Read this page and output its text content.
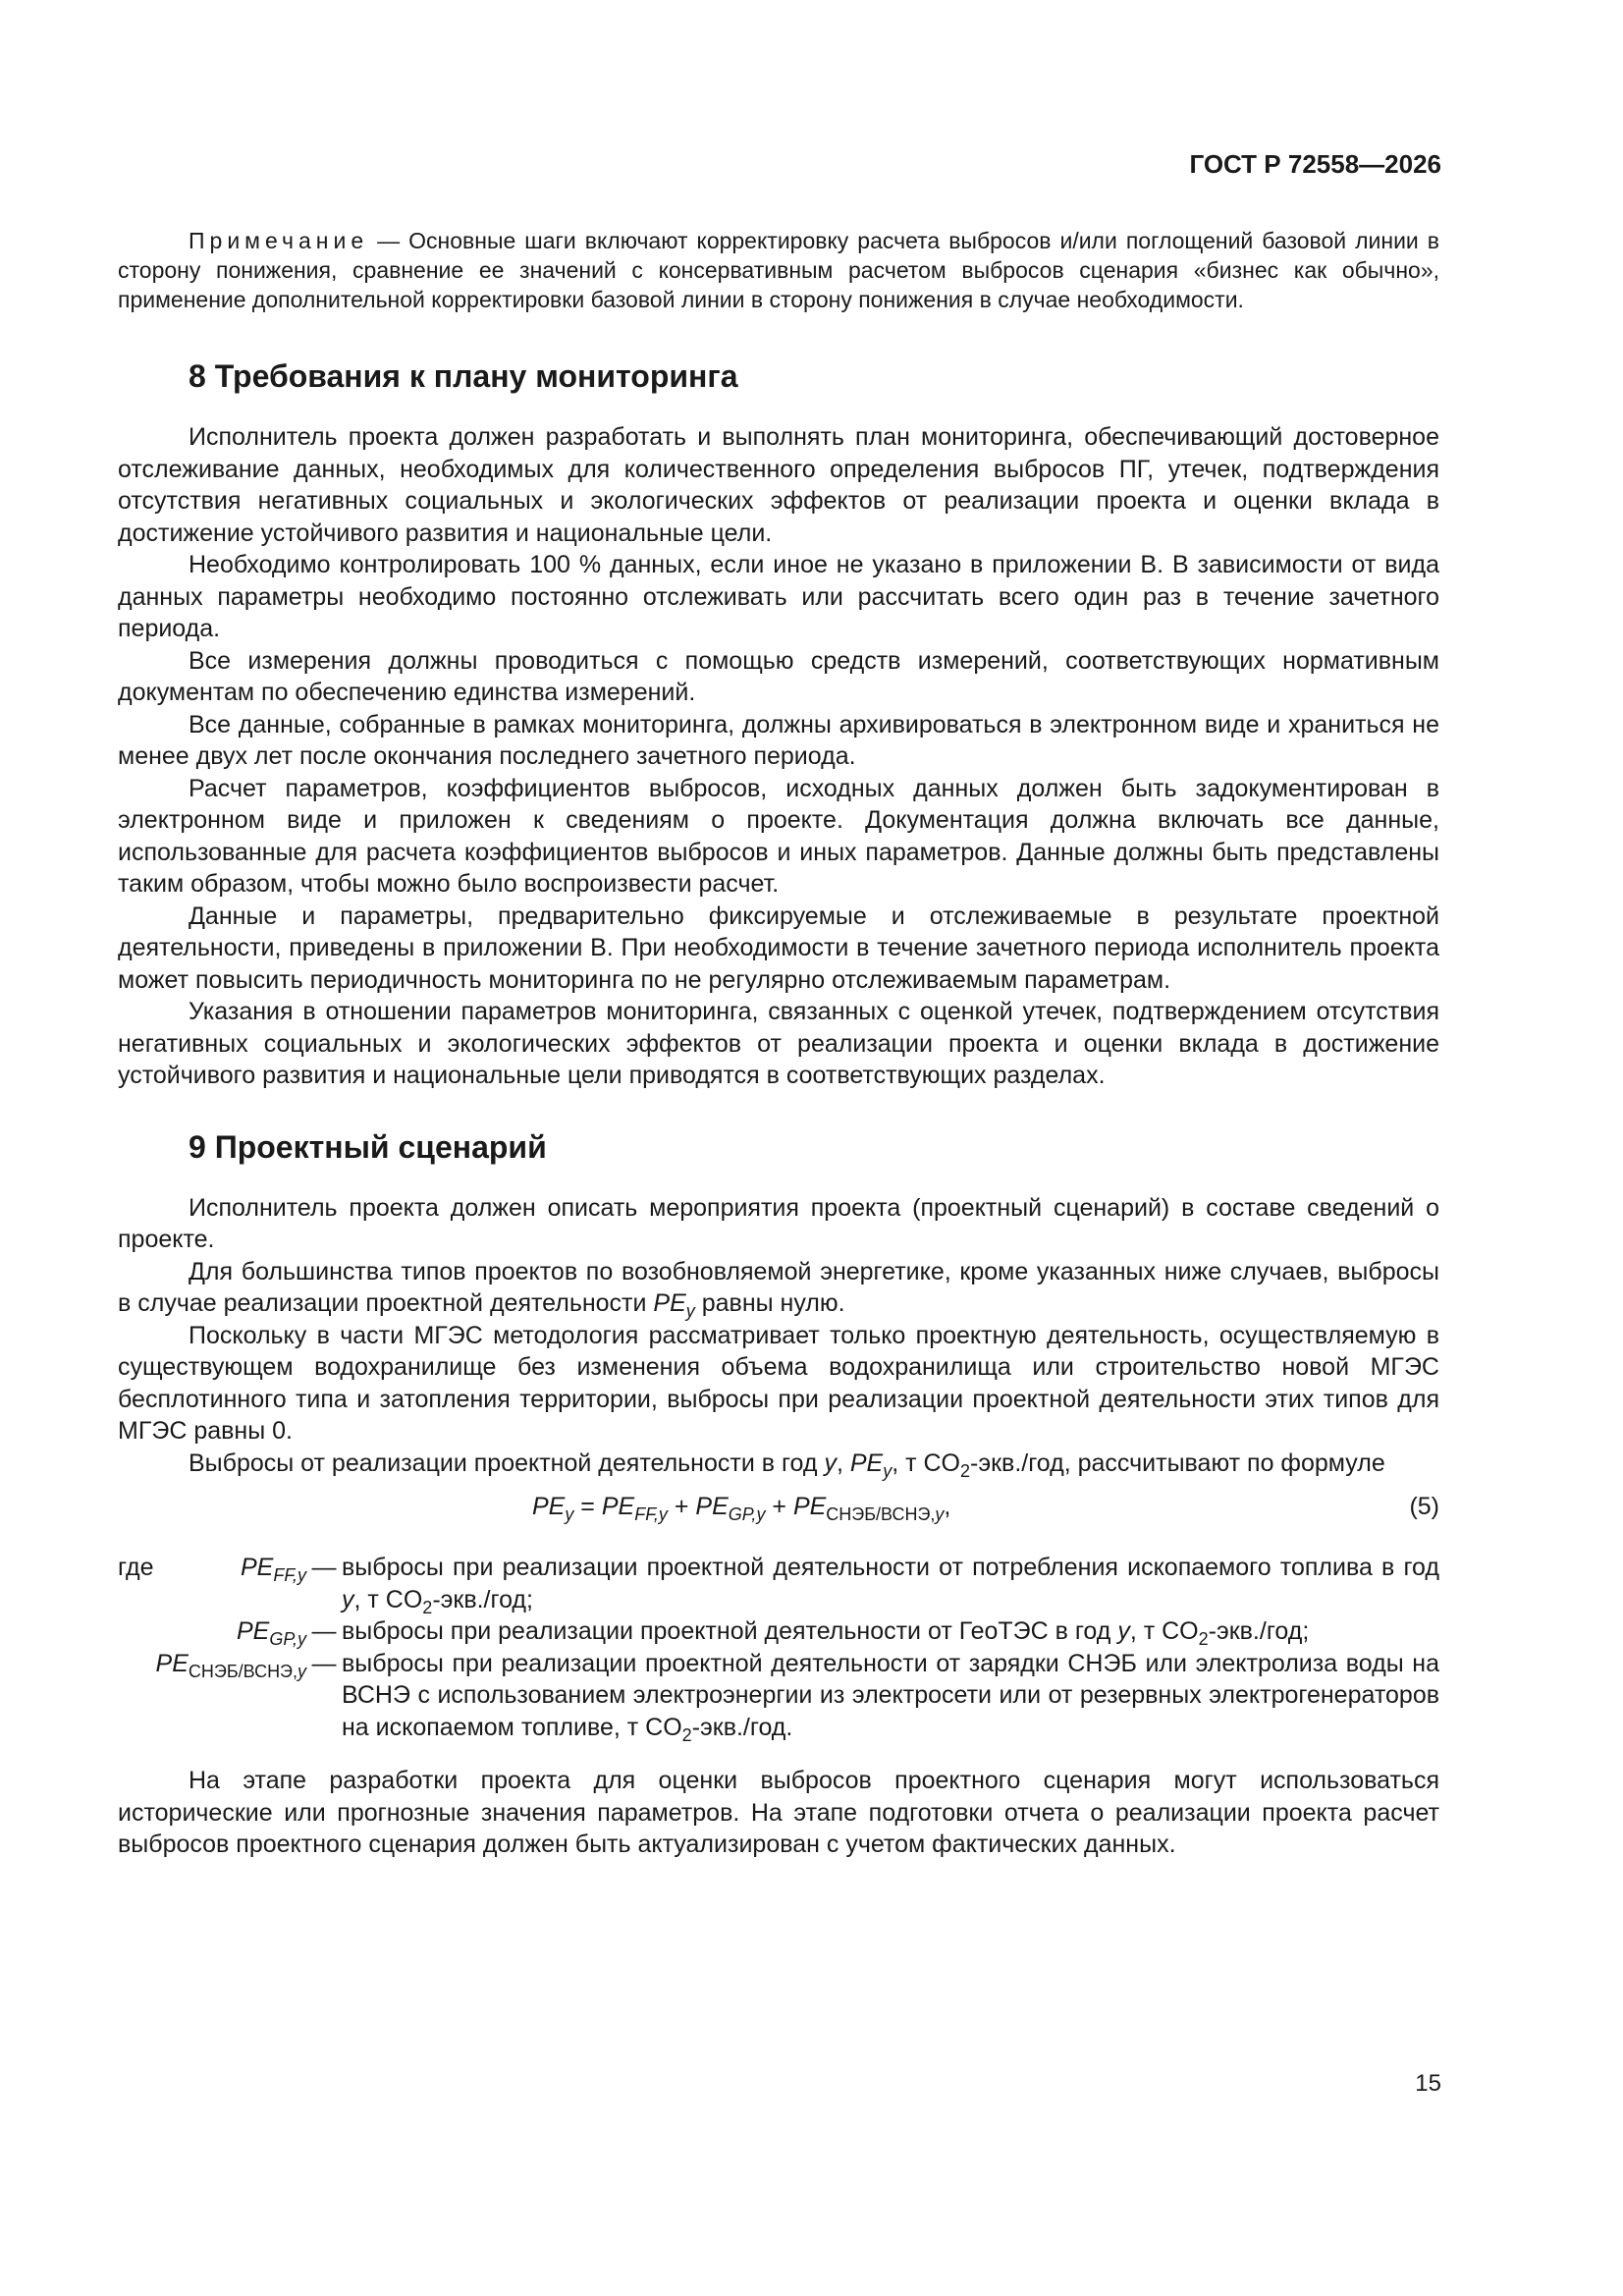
ГОСТ Р 72558—2026

Примечание — Основные шаги включают корректировку расчета выбросов и/или поглощений базовой линии в сторону понижения, сравнение ее значений с консервативным расчетом выбросов сценария «бизнес как обычно», применение дополнительной корректировки базовой линии в сторону понижения в случае необходимости.

8 Требования к плану мониторинга

Исполнитель проекта должен разработать и выполнять план мониторинга, обеспечивающий достоверное отслеживание данных, необходимых для количественного определения выбросов ПГ, утечек, подтверждения отсутствия негативных социальных и экологических эффектов от реализации проекта и оценки вклада в достижение устойчивого развития и национальные цели.

Необходимо контролировать 100 % данных, если иное не указано в приложении В. В зависимости от вида данных параметры необходимо постоянно отслеживать или рассчитать всего один раз в течение зачетного периода.

Все измерения должны проводиться с помощью средств измерений, соответствующих нормативным документам по обеспечению единства измерений.

Все данные, собранные в рамках мониторинга, должны архивироваться в электронном виде и храниться не менее двух лет после окончания последнего зачетного периода.

Расчет параметров, коэффициентов выбросов, исходных данных должен быть задокументирован в электронном виде и приложен к сведениям о проекте. Документация должна включать все данные, использованные для расчета коэффициентов выбросов и иных параметров. Данные должны быть представлены таким образом, чтобы можно было воспроизвести расчет.

Данные и параметры, предварительно фиксируемые и отслеживаемые в результате проектной деятельности, приведены в приложении В. При необходимости в течение зачетного периода исполнитель проекта может повысить периодичность мониторинга по не регулярно отслеживаемым параметрам.

Указания в отношении параметров мониторинга, связанных с оценкой утечек, подтверждением отсутствия негативных социальных и экологических эффектов от реализации проекта и оценки вклада в достижение устойчивого развития и национальные цели приводятся в соответствующих разделах.

9 Проектный сценарий

Исполнитель проекта должен описать мероприятия проекта (проектный сценарий) в составе сведений о проекте.

Для большинства типов проектов по возобновляемой энергетике, кроме указанных ниже случаев, выбросы в случае реализации проектной деятельности $PE_y$ равны нулю.

Поскольку в части МГЭС методология рассматривает только проектную деятельность, осуществляемую в существующем водохранилище без изменения объема водохранилища или строительство новой МГЭС бесплотинного типа и затопления территории, выбросы при реализации проектной деятельности этих типов для МГЭС равны 0.

Выбросы от реализации проектной деятельности в год y, $PE_y$, т $CO_2-экв$./год, рассчитывают по формуле

$PE_y = PE_{FF,y} + PE_{GP,y} + PE_{СНЭБ/ВСНЭ,y}$,	(5)
где	$PE_{FF,y}$ — выбросы при реализации проектной деятельности от потребления ископаемого топлива в год y, т $CO_2-экв$./год;
$PE_{GP,y}$ — выбросы при реализации проектной деятельности от ГеоТЭС в год y, т $CO_2-экв$./год;
$PE_{СНЭБ/ВСНЭ,y}$ — выбросы при реализации проектной деятельности от зарядки СНЭБ или электролиза воды на ВСНЭ с использованием электроэнергии из электросети или от резервных электрогенераторов на ископаемом топливе, т $CO_2-экв$./год.

На этапе разработки проекта для оценки выбросов проектного сценария могут использоваться исторические или прогнозные значения параметров. На этапе подготовки отчета о реализации проекта расчет выбросов проектного сценария должен быть актуализирован с учетом фактических данных.

15
